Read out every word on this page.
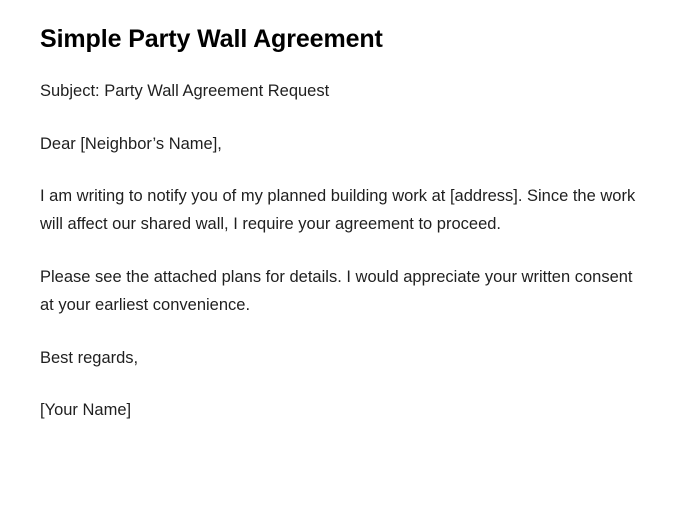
Simple Party Wall Agreement

Subject: Party Wall Agreement Request

Dear [Neighbor’s Name],

I am writing to notify you of my planned building work at [address]. Since the work will affect our shared wall, I require your agreement to proceed.

Please see the attached plans for details. I would appreciate your written consent at your earliest convenience.

Best regards,

[Your Name]
